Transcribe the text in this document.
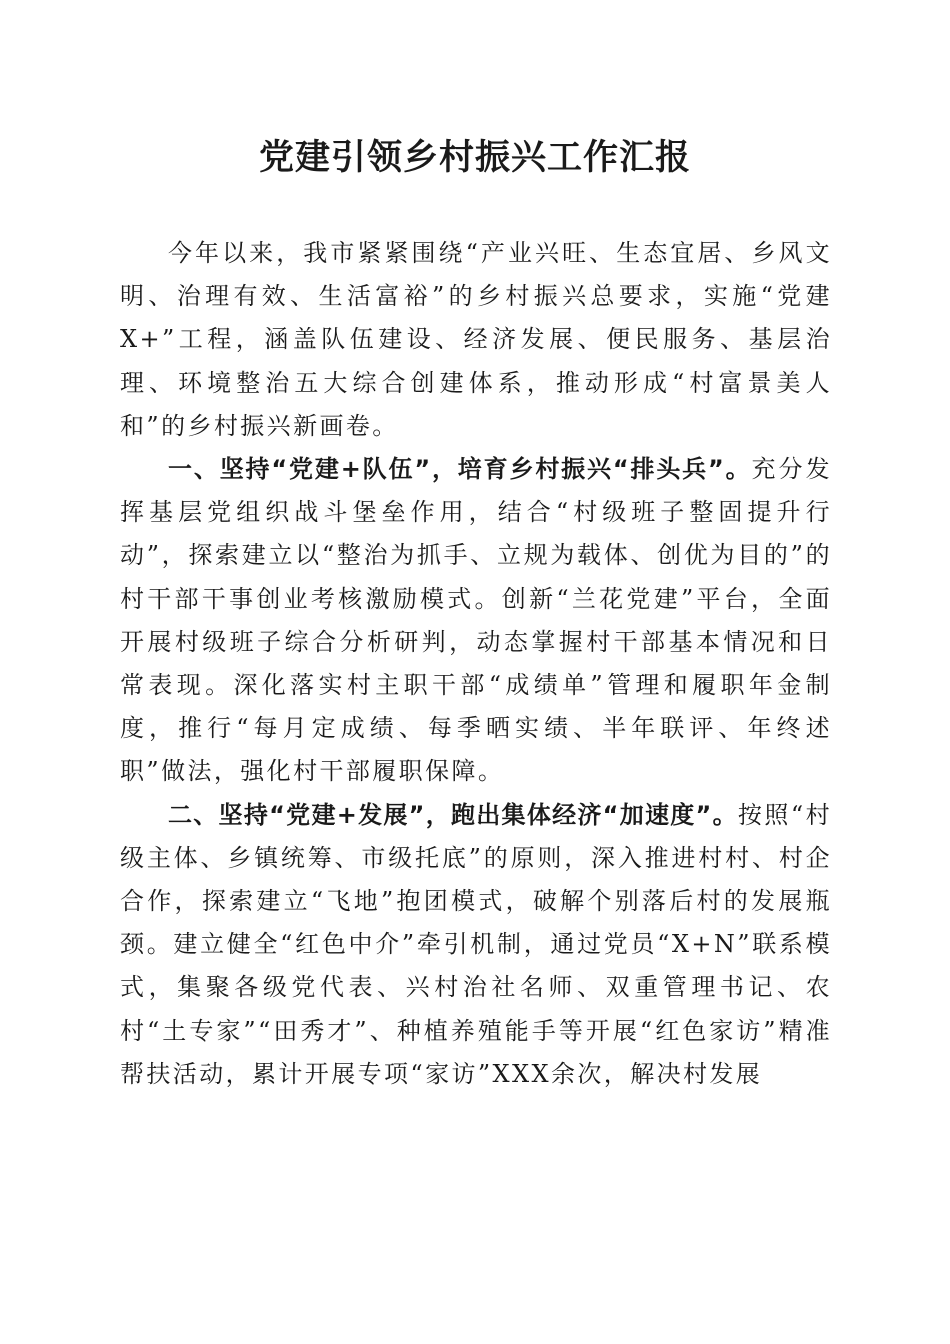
党建引领乡村振兴工作汇报

今年以来，我市紧紧围绕“产业兴旺、生态宜居、乡风文明、治理有效、生活富裕”的乡村振兴总要求，实施“党建X+”工程，涵盖队伍建设、经济发展、便民服务、基层治理、环境整治五大综合创建体系，推动形成“村富景美人和”的乡村振兴新画卷。

一、坚持“党建+队伍”，培育乡村振兴“排头兵”。充分发挥基层党组织战斗堡垒作用，结合“村级班子整固提升行动”，探索建立以“整治为抓手、立规为载体、创优为目的”的村干部干事创业考核激励模式。创新“兰花党建”平台，全面开展村级班子综合分析研判，动态掌握村干部基本情况和日常表现。深化落实村主职干部“成绩单”管理和履职年金制度，推行“每月定成绩、每季晒实绩、半年联评、年终述职”做法，强化村干部履职保障。

二、坚持“党建+发展”，跑出集体经济“加速度”。按照“村级主体、乡镇统筹、市级托底”的原则，深入推进村村、村企合作，探索建立“飞地”抱团模式，破解个别落后村的发展瓶颈。建立健全“红色中介”牵引机制，通过党员“X+N”联系模式，集聚各级党代表、兴村治社名师、双重管理书记、农村“土专家”“田秀才”、种植养殖能手等开展“红色家访”精准帮扶活动，累计开展专项“家访”XXX余次，解决村发展
